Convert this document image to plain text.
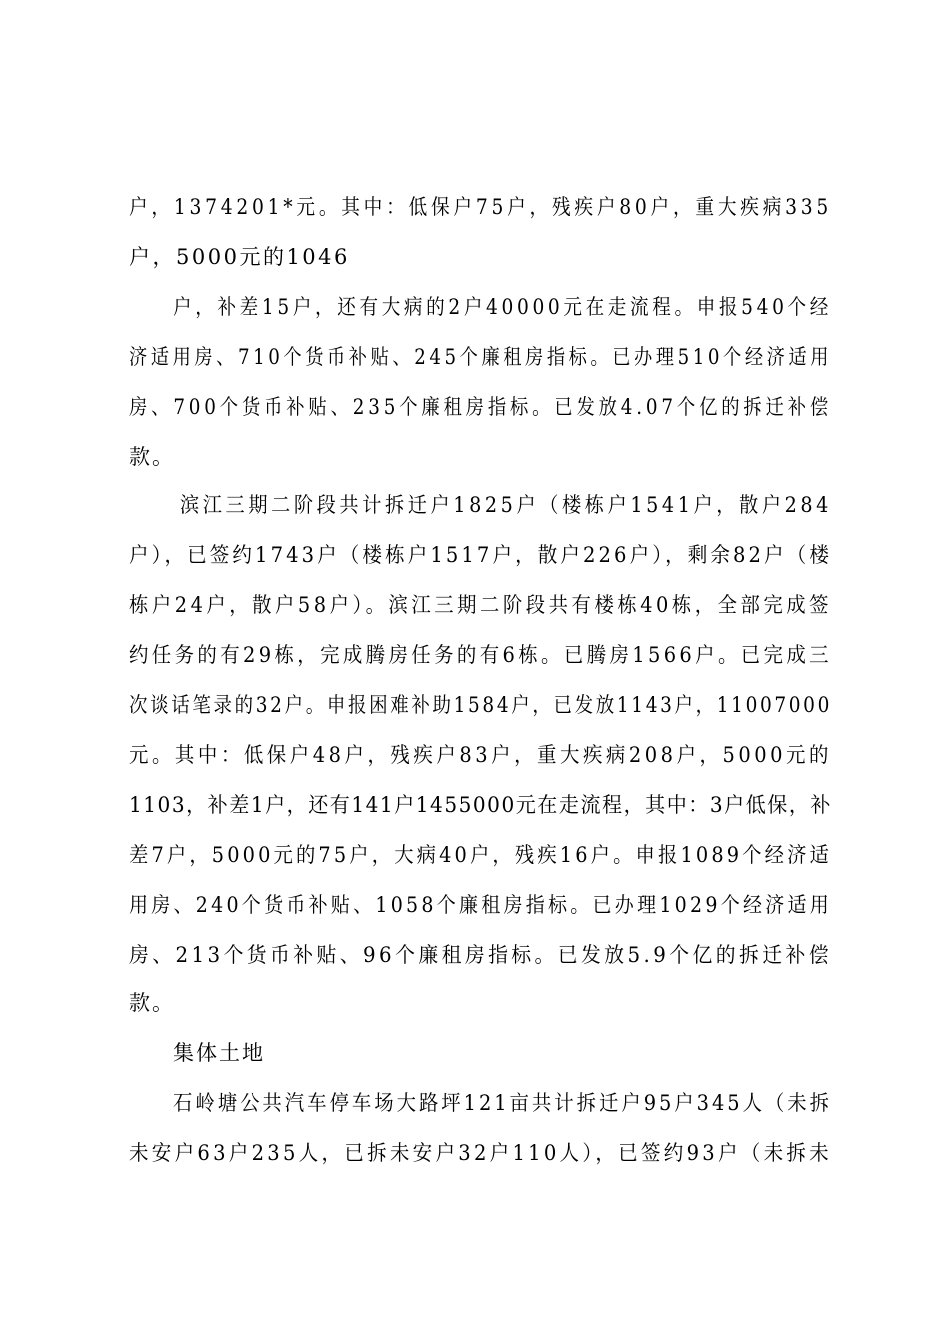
户，1374201*元。其中：低保户75户，残疾户80户，重大疾病335
户，5000元的1046
户，补差15户，还有大病的2户40000元在走流程。申报540个经
济适用房、710个货币补贴、245个廉租房指标。已办理510个经济适用
房、700个货币补贴、235个廉租房指标。已发放4.07个亿的拆迁补偿
款。
滨江三期二阶段共计拆迁户1825户（楼栋户1541户，散户284
户），已签约1743户（楼栋户1517户，散户226户），剩余82户（楼
栋户24户，散户58户）。滨江三期二阶段共有楼栋40栋，全部完成签
约任务的有29栋，完成腾房任务的有6栋。已腾房1566户。已完成三
次谈话笔录的32户。申报困难补助1584户，已发放1143户，11007000
元。其中：低保户48户，残疾户83户，重大疾病208户，5000元的
1103，补差1户，还有141户1455000元在走流程，其中：3户低保，补
差7户，5000元的75户，大病40户，残疾16户。申报1089个经济适
用房、240个货币补贴、1058个廉租房指标。已办理1029个经济适用
房、213个货币补贴、96个廉租房指标。已发放5.9个亿的拆迁补偿
款。
集体土地
石岭塘公共汽车停车场大路坪121亩共计拆迁户95户345人（未拆
未安户63户235人，已拆未安户32户110人），已签约93户（未拆未
